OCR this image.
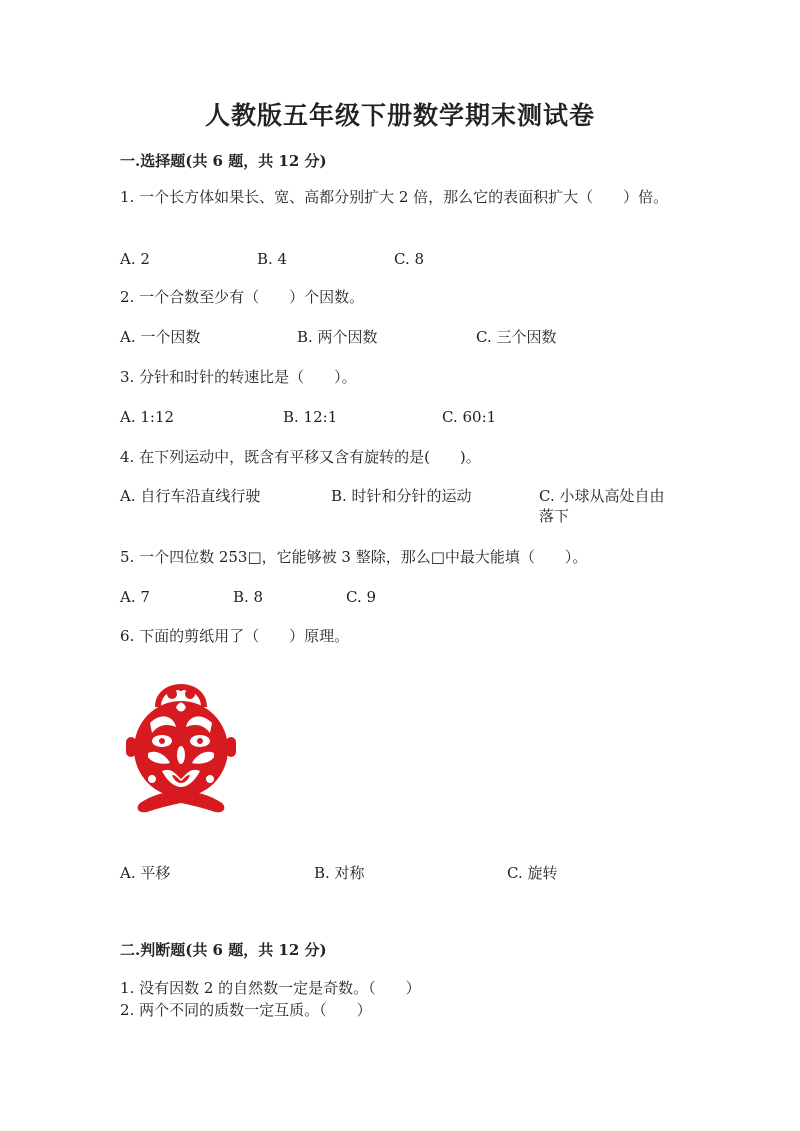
人教版五年级下册数学期末测试卷
一.选择题(共 6 题，共 12 分)
1. 一个长方体如果长、宽、高都分别扩大 2 倍，那么它的表面积扩大（　　）倍。
A. 2	B. 4	C. 8
2. 一个合数至少有（　　）个因数。
A. 一个因数	B. 两个因数	C. 三个因数
3. 分针和时针的转速比是（　　）。
A. 1:12	B. 12:1	C. 60:1
4. 在下列运动中，既含有平移又含有旋转的是(　　)。
A. 自行车沿直线行驶	B. 时针和分针的运动	C. 小球从高处自由落下
5. 一个四位数 253□，它能够被 3 整除，那么□中最大能填（　　）。
A. 7	B. 8	C. 9
6. 下面的剪纸用了（　　）原理。
A. 平移	B. 对称	C. 旋转
二.判断题(共 6 题，共 12 分)
1. 没有因数 2 的自然数一定是奇数。（　　）
2. 两个不同的质数一定互质。（　　）
